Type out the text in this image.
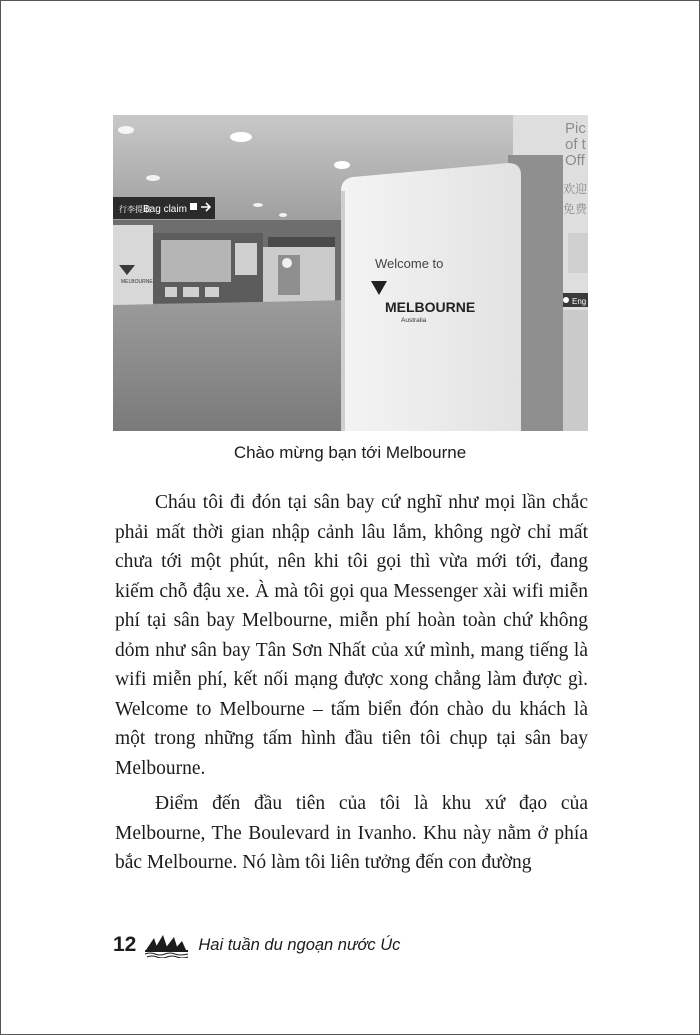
MELBOURNE
行李提取
Bag claim
Pic
of t
Off
欢迎
免费
Eng
Welcome to
MELBOURNE
Australia
Chào mừng bạn tới Melbourne

Cháu tôi đi đón tại sân bay cứ nghĩ như mọi lần chắc phải mất thời gian nhập cảnh lâu lắm, không ngờ chỉ mất chưa tới một phút, nên khi tôi gọi thì vừa mới tới, đang kiếm chỗ đậu xe. À mà tôi gọi qua Messenger xài wifi miễn phí tại sân bay Melbourne, miễn phí hoàn toàn chứ không dỏm như sân bay Tân Sơn Nhất của xứ mình, mang tiếng là wifi miễn phí, kết nối mạng được xong chẳng làm được gì. Welcome to Melbourne – tấm biển đón chào du khách là một trong những tấm hình đầu tiên tôi chụp tại sân bay Melbourne.

Điểm đến đầu tiên của tôi là khu xứ đạo của Melbourne, The Boulevard in Ivanho. Khu này nằm ở phía bắc Melbourne. Nó làm tôi liên tưởng đến con đường

12	Hai tuần du ngoạn nước Úc
